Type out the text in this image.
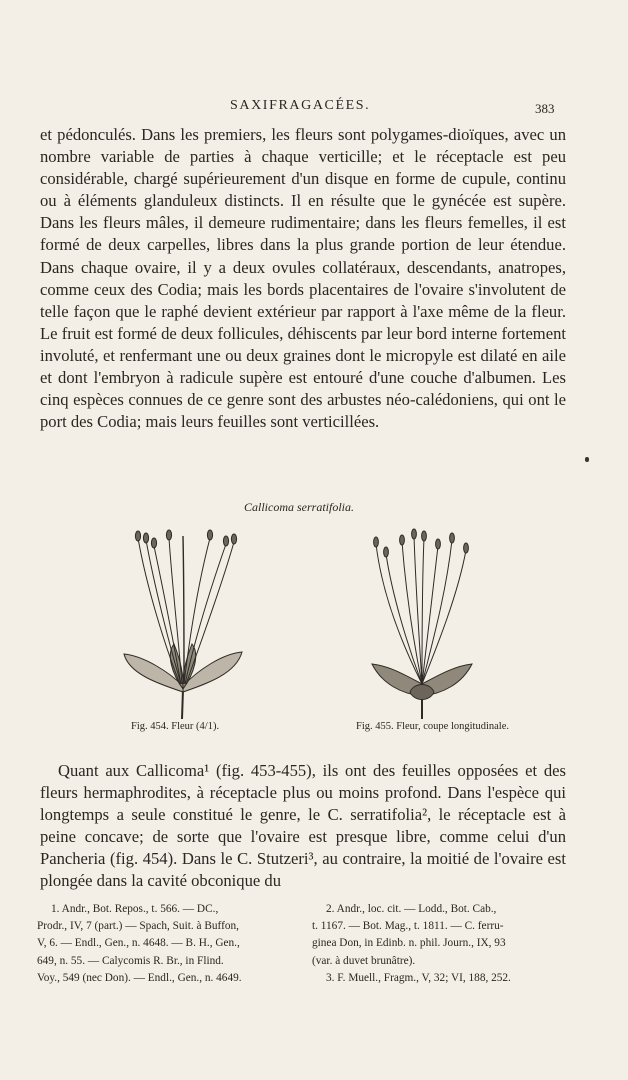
SAXIFRAGACÉES.	383

et pédonculés. Dans les premiers, les fleurs sont polygames-dioïques, avec un nombre variable de parties à chaque verticille; et le réceptacle est peu considérable, chargé supérieurement d'un disque en forme de cupule, continu ou à éléments glanduleux distincts. Il en résulte que le gynécée est supère. Dans les fleurs mâles, il demeure rudimentaire; dans les fleurs femelles, il est formé de deux carpelles, libres dans la plus grande portion de leur étendue. Dans chaque ovaire, il y a deux ovules collatéraux, descendants, anatropes, comme ceux des Codia; mais les bords placentaires de l'ovaire s'involutent de telle façon que le raphé devient extérieur par rapport à l'axe même de la fleur. Le fruit est formé de deux follicules, déhiscents par leur bord interne fortement involuté, et renfermant une ou deux graines dont le micropyle est dilaté en aile et dont l'embryon à radicule supère est entouré d'une couche d'albumen. Les cinq espèces connues de ce genre sont des arbustes néo-calédoniens, qui ont le port des Codia; mais leurs feuilles sont verticillées.

Callicoma serratifolia.
Fig. 454. Fleur (4/1).	Fig. 455. Fleur, coupe longitudinale.

Quant aux Callicoma¹ (fig. 453-455), ils ont des feuilles opposées et des fleurs hermaphrodites, à réceptacle plus ou moins profond. Dans l'espèce qui longtemps a seule constitué le genre, le C. serratifolia², le réceptacle est à peine concave; de sorte que l'ovaire est presque libre, comme celui d'un Pancheria (fig. 454). Dans le C. Stutzeri³, au contraire, la moitié de l'ovaire est plongée dans la cavité obconique du

1. Andr., Bot. Repos., t. 566. — DC.,
Prodr., IV, 7 (part.) — Spach, Suit. à Buffon,
V, 6. — Endl., Gen., n. 4648. — B. H., Gen.,
649, n. 55. — Calycomis R. Br., in Flind.
Voy., 549 (nec Don). — Endl., Gen., n. 4649.
2. Andr., loc. cit. — Lodd., Bot. Cab.,
t. 1167. — Bot. Mag., t. 1811. — C. ferru-
ginea Don, in Edinb. n. phil. Journ., IX, 93
(var. à duvet brunâtre).
3. F. Muell., Fragm., V, 32; VI, 188, 252.
